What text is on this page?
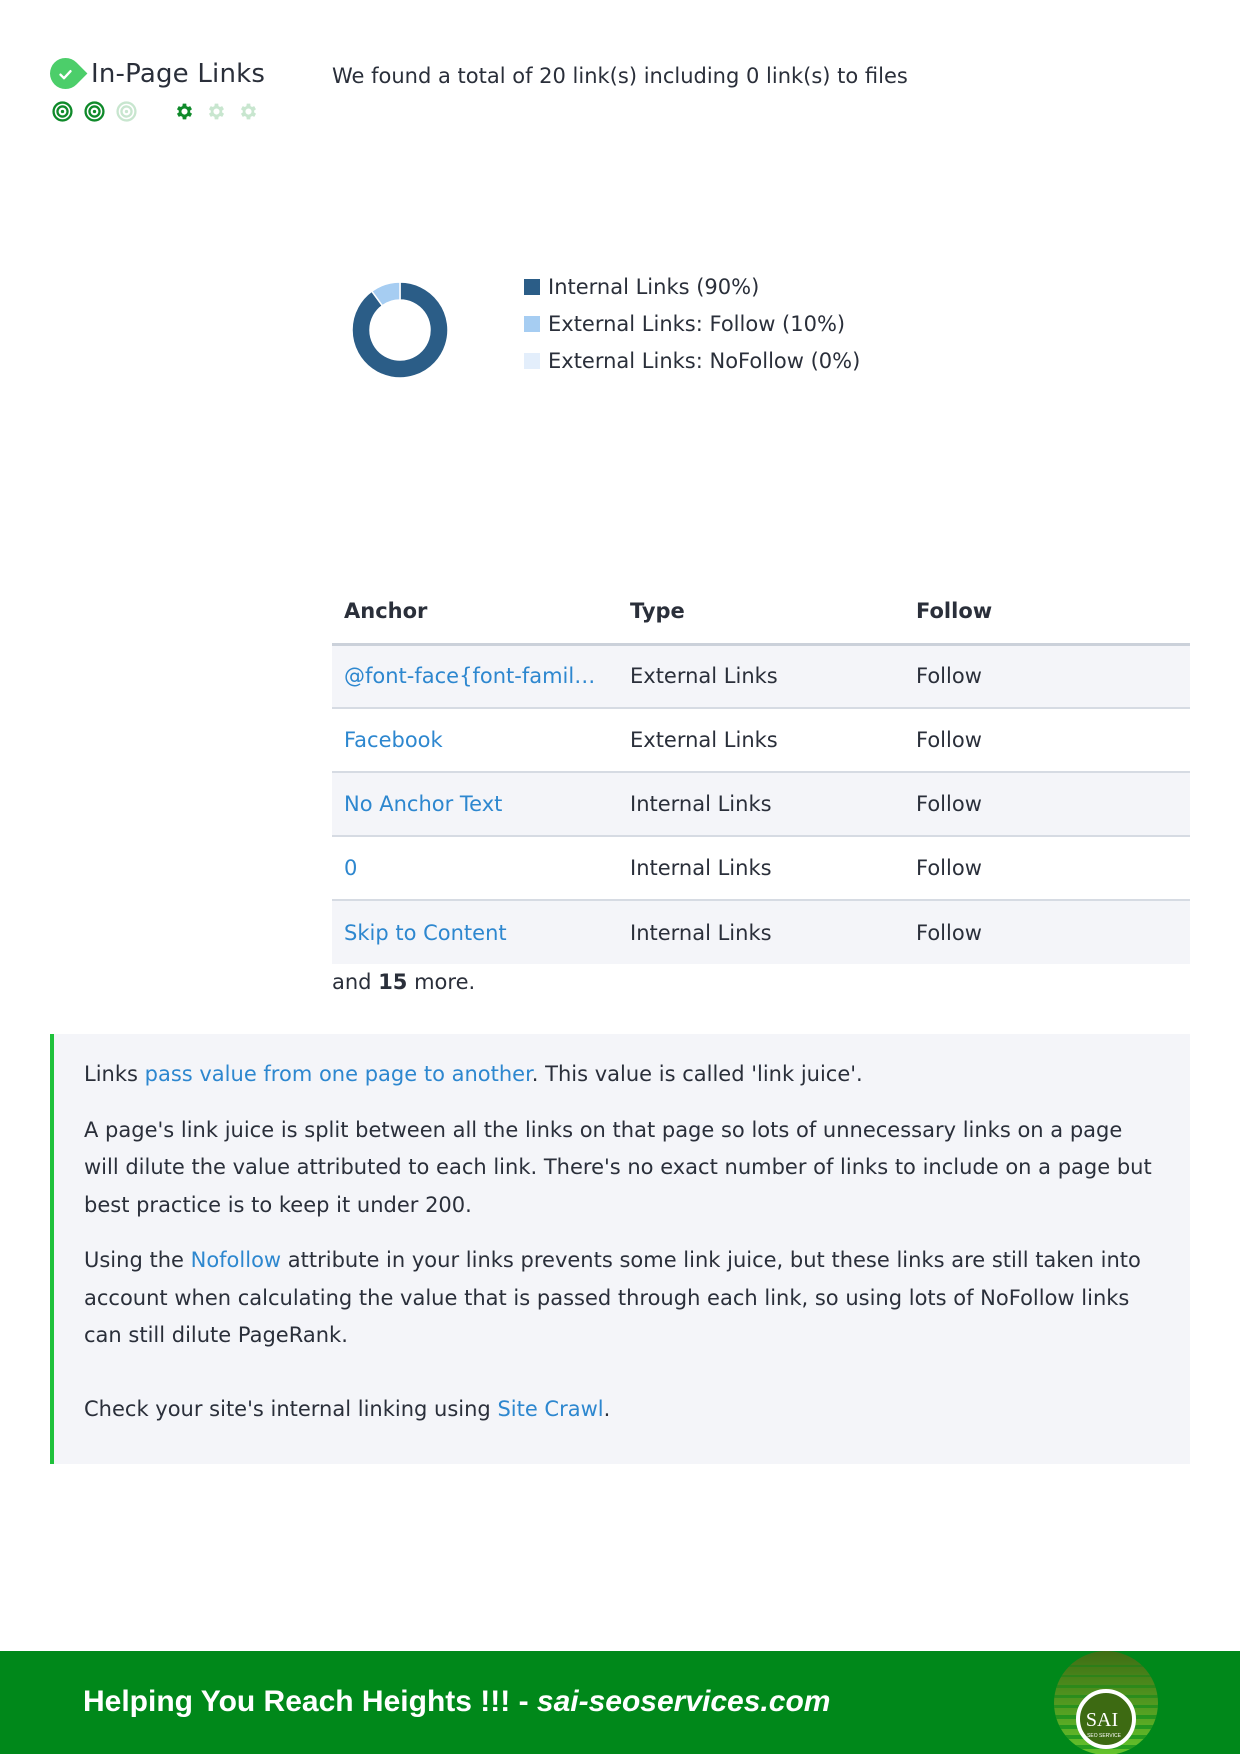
In-Page Links	We found a total of 20 link(s) including 0 link(s) to files
Internal Links (90%)
External Links: Follow (10%)
External Links: NoFollow (0%)
Anchor	Type	Follow
@font-face{font-famil…	External Links	Follow
Facebook	External Links	Follow
No Anchor Text	Internal Links	Follow
0	Internal Links	Follow
Skip to Content	Internal Links	Follow
and 15 more.

Links pass value from one page to another. This value is called 'link juice'.

A page's link juice is split between all the links on that page so lots of unnecessary links on a page will dilute the value attributed to each link. There's no exact number of links to include on a page but best practice is to keep it under 200.

Using the Nofollow attribute in your links prevents some link juice, but these links are still taken into account when calculating the value that is passed through each link, so using lots of NoFollow links can still dilute PageRank.

Check your site's internal linking using Site Crawl.

Helping You Reach Heights !!! - sai-seoservices.com
SAI
SEO SERVICE
